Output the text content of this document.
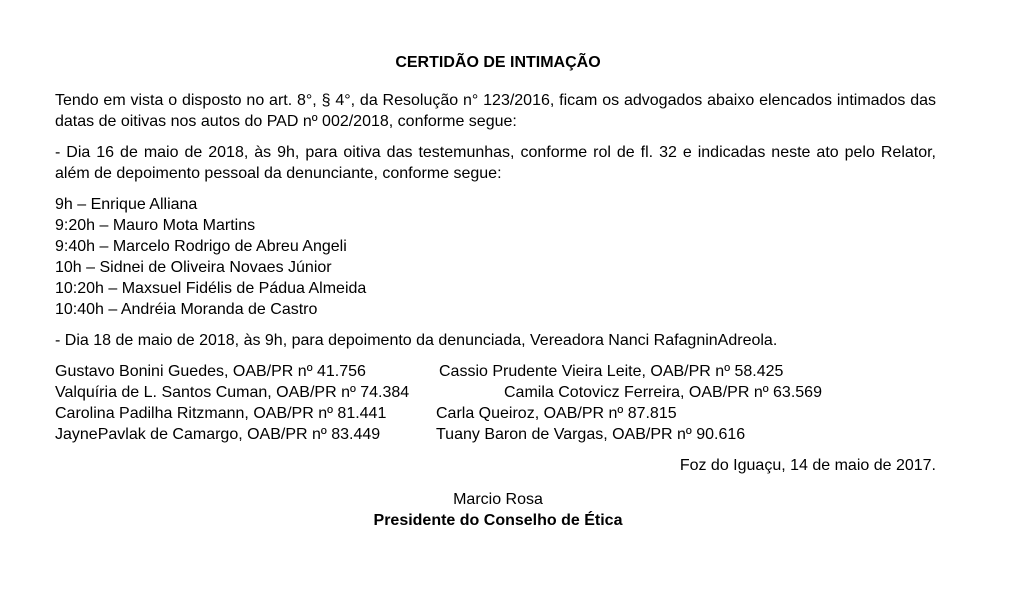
CERTIDÃO DE INTIMAÇÃO
Tendo em vista o disposto no art. 8°, § 4°, da Resolução n° 123/2016, ficam os advogados abaixo elencados intimados das datas de oitivas nos autos do PAD nº 002/2018, conforme segue:
- Dia 16 de maio de 2018, às 9h, para oitiva das testemunhas, conforme rol de fl. 32 e indicadas neste ato pelo Relator, além de depoimento pessoal da denunciante, conforme segue:
9h – Enrique Alliana
9:20h – Mauro Mota Martins
9:40h – Marcelo Rodrigo de Abreu Angeli
10h – Sidnei de Oliveira Novaes Júnior
10:20h – Maxsuel Fidélis de Pádua Almeida
10:40h – Andréia Moranda de Castro
- Dia 18 de maio de 2018, às 9h, para depoimento da denunciada, Vereadora Nanci RafagninAdreola.
Gustavo Bonini Guedes, OAB/PR nº 41.756	Cassio Prudente Vieira Leite, OAB/PR nº 58.425
Valquíria de L. Santos Cuman, OAB/PR nº 74.384	Camila Cotovicz Ferreira, OAB/PR nº 63.569
Carolina Padilha Ritzmann, OAB/PR nº 81.441	Carla Queiroz, OAB/PR nº 87.815
JaynePavlak de Camargo, OAB/PR nº 83.449	Tuany Baron de Vargas, OAB/PR nº 90.616
Foz do Iguaçu, 14 de maio de 2017.
Marcio Rosa
Presidente do Conselho de Ética
